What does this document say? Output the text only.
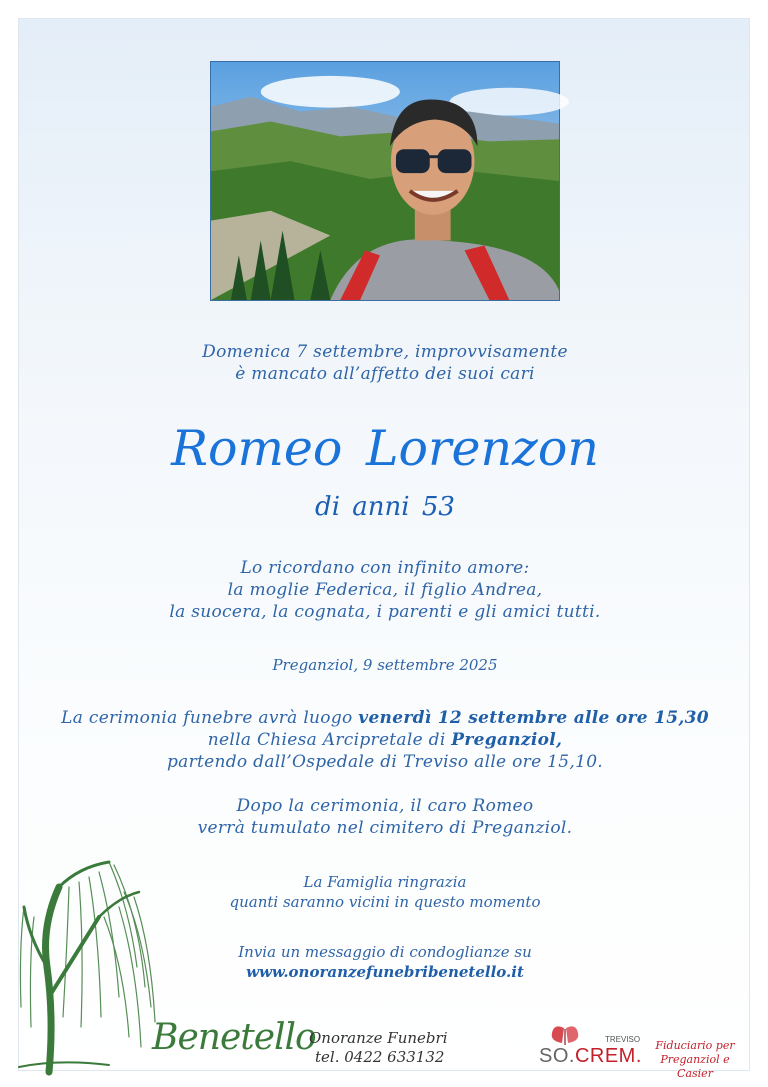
Domenica 7 settembre, improvvisamente
è mancato all’affetto dei suoi cari
Romeo Lorenzon
di anni 53
Lo ricordano con infinito amore:
la moglie Federica, il figlio Andrea,
la suocera, la cognata, i parenti e gli amici tutti.
Preganziol, 9 settembre 2025
La cerimonia funebre avrà luogo venerdì 12 settembre alle ore 15,30
nella Chiesa Arcipretale di Preganziol,
partendo dall’Ospedale di Treviso alle ore 15,10.
Dopo la cerimonia, il caro Romeo
verrà tumulato nel cimitero di Preganziol.
La Famiglia ringrazia
quanti saranno vicini in questo momento
Invia un messaggio di condoglianze su
www.onoranzefunebribenetello.it
Benetello
Onoranze Funebri
tel. 0422 633132
TREVISO
SO.CREM.	Fiduciario per
Preganziol e Casier
